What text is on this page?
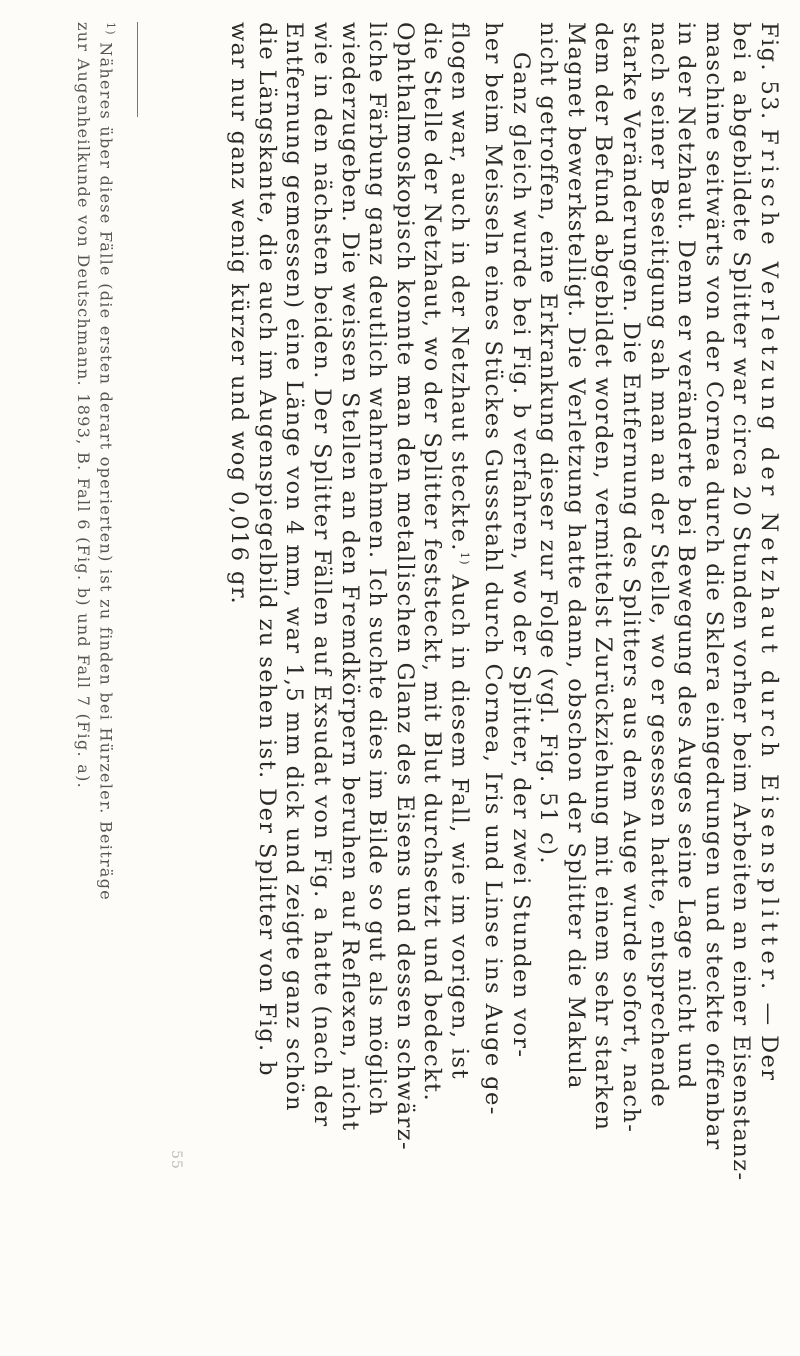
Fig. 53. Frische Verletzung der Netzhaut durch Eisensplitter. — Der
bei a abgebildete Splitter war circa 20 Stunden vorher beim Arbeiten an einer Eisenstanz-
maschine seitwärts von der Cornea durch die Sklera eingedrungen und steckte offenbar
in der Netzhaut. Denn er veränderte bei Bewegung des Auges seine Lage nicht und
nach seiner Beseitigung sah man an der Stelle, wo er gesessen hatte, entsprechende
starke Veränderungen. Die Entfernung des Splitters aus dem Auge wurde sofort, nach-
dem der Befund abgebildet worden, vermittelst Zurückziehung mit einem sehr starken
Magnet bewerkstelligt. Die Verletzung hatte dann, obschon der Splitter die Makula
nicht getroffen, eine Erkrankung dieser zur Folge (vgl. Fig. 51 c).

Ganz gleich wurde bei Fig. b verfahren, wo der Splitter, der zwei Stunden vor-
her beim Meisseln eines Stückes Gussstahl durch Cornea, Iris und Linse ins Auge ge-
flogen war, auch in der Netzhaut steckte.$^{1)}$ Auch in diesem Fall, wie im vorigen, ist
die Stelle der Netzhaut, wo der Splitter feststeckt, mit Blut durchsetzt und bedeckt.
Ophthalmoskopisch konnte man den metallischen Glanz des Eisens und dessen schwärz-
liche Färbung ganz deutlich wahrnehmen. Ich suchte dies im Bilde so gut als möglich
wiederzugeben. Die weissen Stellen an den Fremdkörpern beruhen auf Reflexen, nicht
wie in den nächsten beiden. Der Splitter Fällen auf Exsudat von Fig. a hatte (nach der
Entfernung gemessen) eine Länge von 4 mm, war 1,5 mm dick und zeigte ganz schön
die Längskante, die auch im Augenspiegelbild zu sehen ist. Der Splitter von Fig. b
war nur ganz wenig kürzer und wog 0,016 gr.

55
$^{1)}$ Näheres über diese Fälle (die ersten derart operierten) ist zu finden bei Hürzeler. Beiträge
zur Augenheilkunde von Deutschmann. 1893, B. Fall 6 (Fig. b) und Fall 7 (Fig. a).
